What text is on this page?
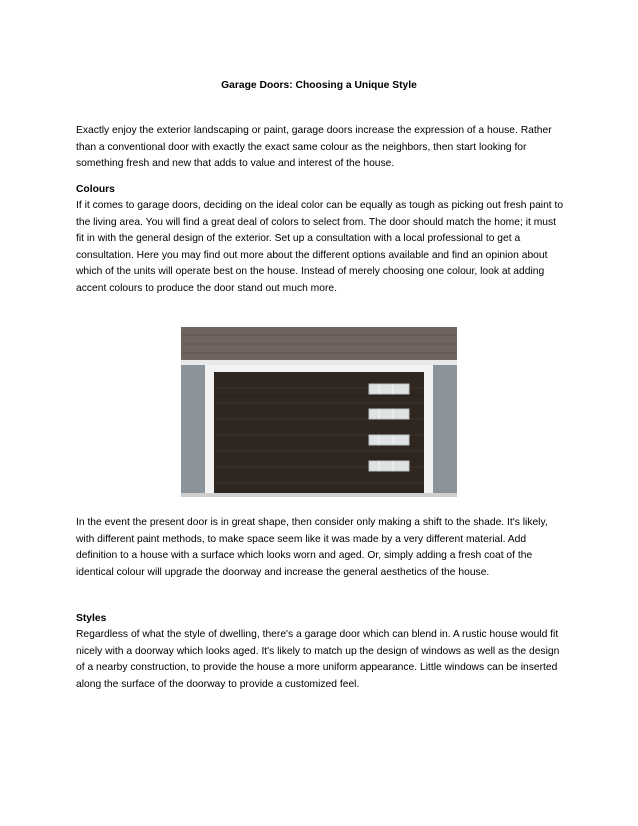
Garage Doors: Choosing a Unique Style

Exactly enjoy the exterior landscaping or paint, garage doors increase the expression of a house. Rather than a conventional door with exactly the exact same colour as the neighbors, then start looking for something fresh and new that adds to value and interest of the house.

Colours

If it comes to garage doors, deciding on the ideal color can be equally as tough as picking out fresh paint to the living area. You will find a great deal of colors to select from. The door should match the home; it must fit in with the general design of the exterior. Set up a consultation with a local professional to get a consultation. Here you may find out more about the different options available and find an opinion about which of the units will operate best on the house. Instead of merely choosing one colour, look at adding accent colours to produce the door stand out much more.

In the event the present door is in great shape, then consider only making a shift to the shade. It's likely, with different paint methods, to make space seem like it was made by a very different material. Add definition to a house with a surface which looks worn and aged. Or, simply adding a fresh coat of the identical colour will upgrade the doorway and increase the general aesthetics of the house.

Styles

Regardless of what the style of dwelling, there's a garage door which can blend in. A rustic house would fit nicely with a doorway which looks aged. It's likely to match up the design of windows as well as the design of a nearby construction, to provide the house a more uniform appearance. Little windows can be inserted along the surface of the doorway to provide a customized feel.
